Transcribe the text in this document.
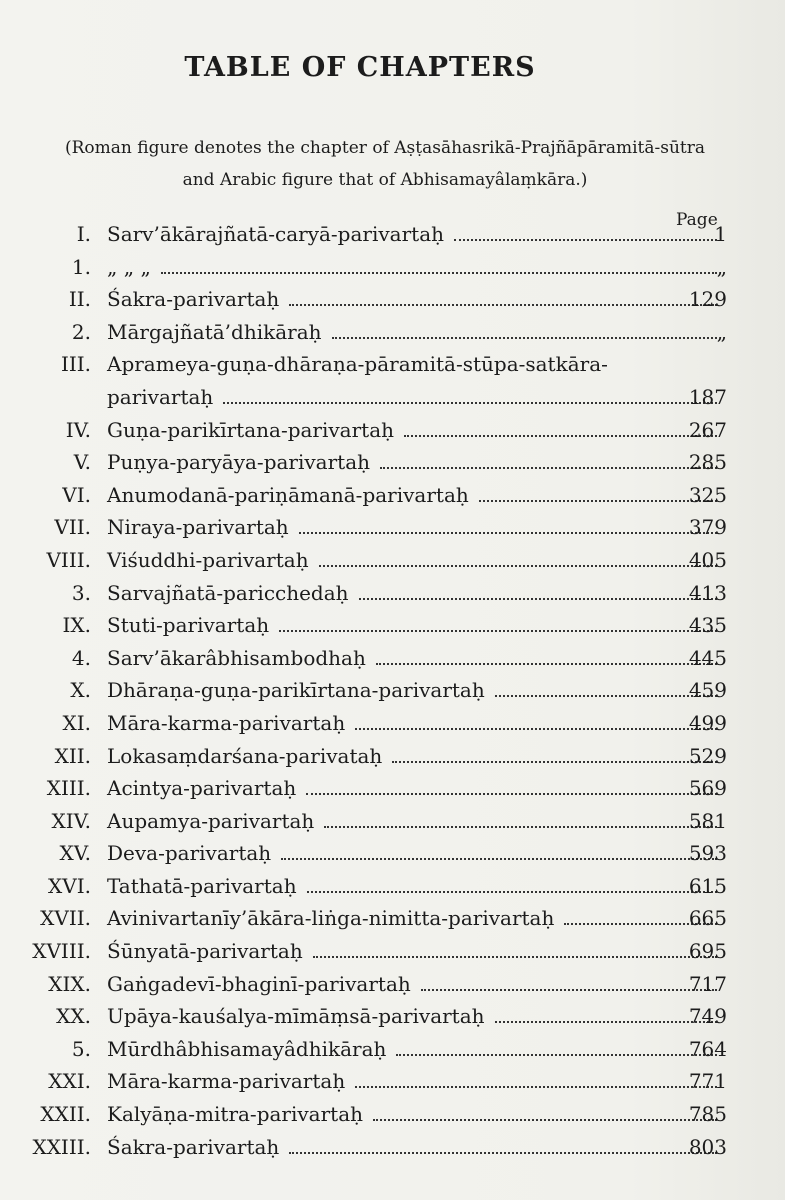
TABLE OF CHAPTERS
(Roman figure denotes the chapter of Aṣṭasāhasrikā-Prajñāpāramitā-sūtra
and Arabic figure that of Abhisamayâlaṃkāra.)
Page
I. Sarv’ākārajñatā-caryā-parivartaḥ	1
1. „ „ „	„
II. Śakra-parivartaḥ	129
2. Mārgajñatā’dhikāraḥ	„
III. Aprameya-guṇa-dhāraṇa-pāramitā-stūpa-satkāra-
parivartaḥ	187
IV. Guṇa-parikīrtana-parivartaḥ	267
V. Puṇya-paryāya-parivartaḥ	285
VI. Anumodanā-pariṇāmanā-parivartaḥ	325
VII. Niraya-parivartaḥ	379
VIII. Viśuddhi-parivartaḥ	405
3. Sarvajñatā-paricchedaḥ	413
IX. Stuti-parivartaḥ	435
4. Sarv’ākarâbhisambodhaḥ	445
X. Dhāraṇa-guṇa-parikīrtana-parivartaḥ	459
XI. Māra-karma-parivartaḥ	499
XII. Lokasaṃdarśana-parivataḥ	529
XIII. Acintya-parivartaḥ	569
XIV. Aupamya-parivartaḥ	581
XV. Deva-parivartaḥ	593
XVI. Tathatā-parivartaḥ	615
XVII. Avinivartanīy’ākāra-liṅga-nimitta-parivartaḥ	665
XVIII. Śūnyatā-parivartaḥ	695
XIX. Gaṅgadevī-bhaginī-parivartaḥ	717
XX. Upāya-kauśalya-mīmāṃsā-parivartaḥ	749
5. Mūrdhâbhisamayâdhikāraḥ	764
XXI. Māra-karma-parivartaḥ	771
XXII. Kalyāṇa-mitra-parivartaḥ	785
XXIII. Śakra-parivartaḥ	803
